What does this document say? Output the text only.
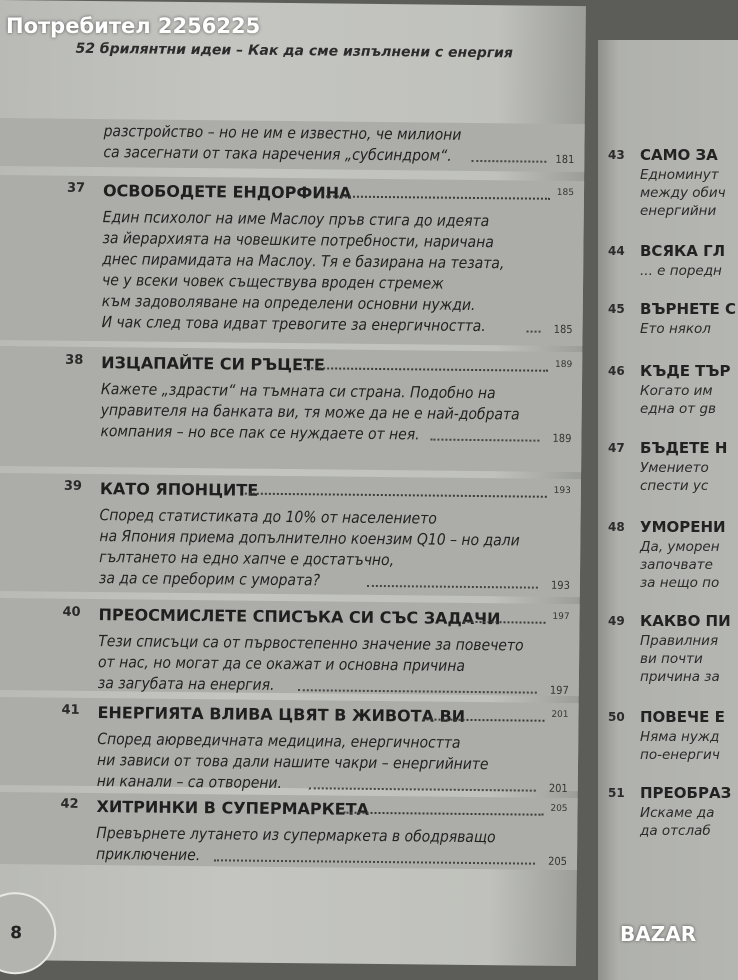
43 САМО ЗА
Едноминут
между обич
енергийни
44 ВСЯКА ГЛ
... е поредн
45 ВЪРНЕТЕ С
Ето някол
46 КЪДЕ ТЪР
Когато им
една от gв
47 БЪДЕТЕ Н
Умението
спести ус
48 УМОРЕНИ
Да, уморен
започвате
за нещо по
49 КАКВО ПИ
Правилния
ви почти
причина за
50 ПОВЕЧЕ Е
Няма нужд
по-енергич
51 ПРЕОБРАЗ
Искаме да
да отслаб
52 брилянтни идеи – Как да сме изпълнени с енергия
разстройство – но не им е известно, че милиони
са засегнати от така наречения „субсиндром“.	181
37	ОСВОБОДЕТЕ ЕНДОРФИНА	185
Един психолог на име Маслоу пръв стига до идеята
за йерархията на човешките потребности, наричана
днес пирамидата на Маслоу. Тя е базирана на тезата,
че у всеки човек съществува вроден стремеж
към задоволяване на определени основни нужди.
И чак след това идват тревогите за енергичността.	185
38	ИЗЦАПАЙТЕ СИ РЪЦЕТЕ	189
Кажете „здрасти“ на тъмната си страна. Подобно на
управителя на банката ви, тя може да не е най-добрата
компания – но все пак се нуждаете от нея.	189
39	КАТО ЯПОНЦИТЕ	193
Според статистиката до 10% от населението
на Япония приема допълнително коензим Q10 – но дали
гълтането на едно хапче е достатъчно,
за да се преборим с умората?	193
40	ПРЕОСМИСЛЕТЕ СПИСЪКА СИ СЪС ЗАДАЧИ	197
Тези списъци са от първостепенно значение за повечето
от нас, но могат да се окажат и основна причина
за загубата на енергия.	197
41	ЕНЕРГИЯТА ВЛИВА ЦВЯТ В ЖИВОТА ВИ	201
Според аюрведичната медицина, енергичността
ни зависи от това дали нашите чакри – енергийните
ни канали – са отворени.	201
42	ХИТРИНКИ В СУПЕРМАРКЕТА	205
Превърнете лутането из супермаркета в ободряващо
приключение.	205
8
Потребител 2256225
BAZAR
